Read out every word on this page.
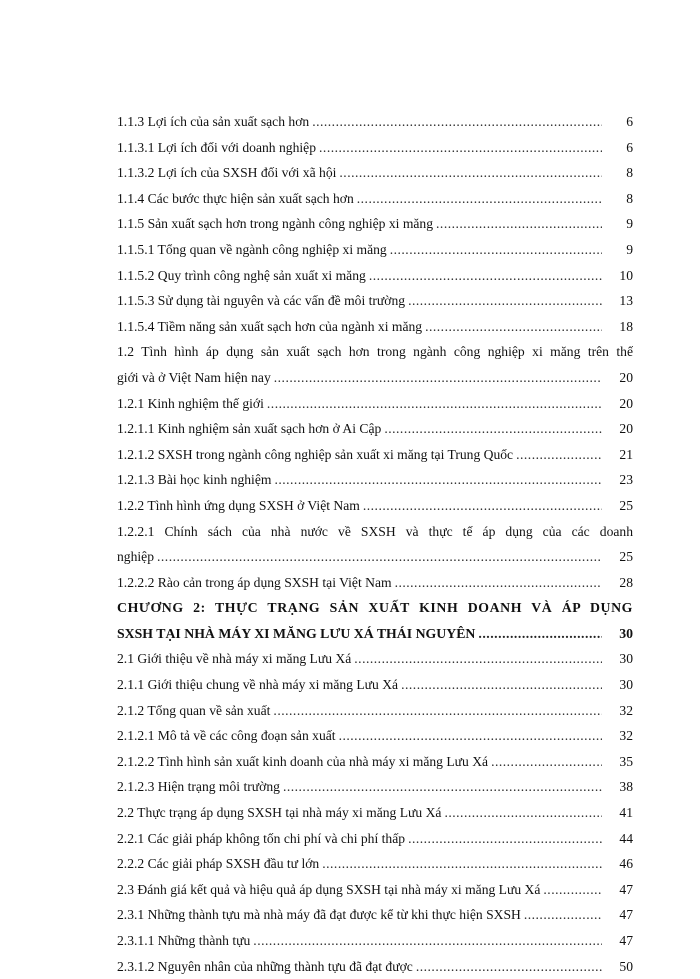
1.1.3 Lợi ích của sản xuất sạch hơn .....	6
1.1.3.1 Lợi ích đối với doanh nghiệp .....	6
1.1.3.2 Lợi ích của SXSH đối với xã hội .....	8
1.1.4 Các bước thực hiện sản xuất sạch hơn .....	8
1.1.5 Sản xuất sạch hơn trong ngành công nghiệp xi măng .....	9
1.1.5.1 Tổng quan về ngành công nghiệp xi măng .....	9
1.1.5.2 Quy trình công nghệ sản xuất xi măng .....	10
1.1.5.3 Sử dụng tài nguyên và các vấn đề môi trường .....	13
1.1.5.4 Tiềm năng sản xuất sạch hơn của ngành xi măng .....	18
1.2 Tình hình áp dụng sản xuất sạch hơn trong ngành công nghiệp xi măng trên thế
giới và ở Việt Nam hiện nay .....	20
1.2.1 Kinh nghiệm thế giới .....	20
1.2.1.1 Kinh nghiệm sản xuất sạch hơn ở Ai Cập .....	20
1.2.1.2 SXSH trong ngành công nghiệp sản xuất xi măng tại Trung Quốc .....	21
1.2.1.3 Bài học kinh nghiệm .....	23
1.2.2 Tình hình ứng dụng SXSH ở Việt Nam .....	25
1.2.2.1 Chính sách của nhà nước về SXSH và thực tế áp dụng của các doanh
nghiệp .....	25
1.2.2.2 Rào cản trong áp dụng SXSH tại Việt Nam .....	28
CHƯƠNG 2: THỰC TRẠNG SẢN XUẤT KINH DOANH VÀ ÁP DỤNG
SXSH TẠI NHÀ MÁY XI MĂNG LƯU XÁ THÁI NGUYÊN .....	30
2.1 Giới thiệu về nhà máy xi măng Lưu Xá .....	30
2.1.1 Giới thiệu chung về nhà máy xi măng Lưu Xá .....	30
2.1.2 Tổng quan về sản xuất .....	32
2.1.2.1 Mô tả về các công đoạn sản xuất .....	32
2.1.2.2 Tình hình sản xuất kinh doanh của nhà máy xi măng Lưu Xá .....	35
2.1.2.3 Hiện trạng môi trường .....	38
2.2 Thực trạng áp dụng SXSH tại nhà máy xi măng Lưu Xá .....	41
2.2.1 Các giải pháp không tốn chi phí và chi phí thấp .....	44
2.2.2 Các giải pháp SXSH đầu tư lớn .....	46
2.3 Đánh giá kết quả và hiệu quả áp dụng SXSH tại nhà máy xi măng Lưu Xá .....	47
2.3.1 Những thành tựu mà nhà máy đã đạt được kể từ khi thực hiện SXSH .....	47
2.3.1.1 Những thành tựu .....	47
2.3.1.2 Nguyên nhân của những thành tựu đã đạt được .....	50
